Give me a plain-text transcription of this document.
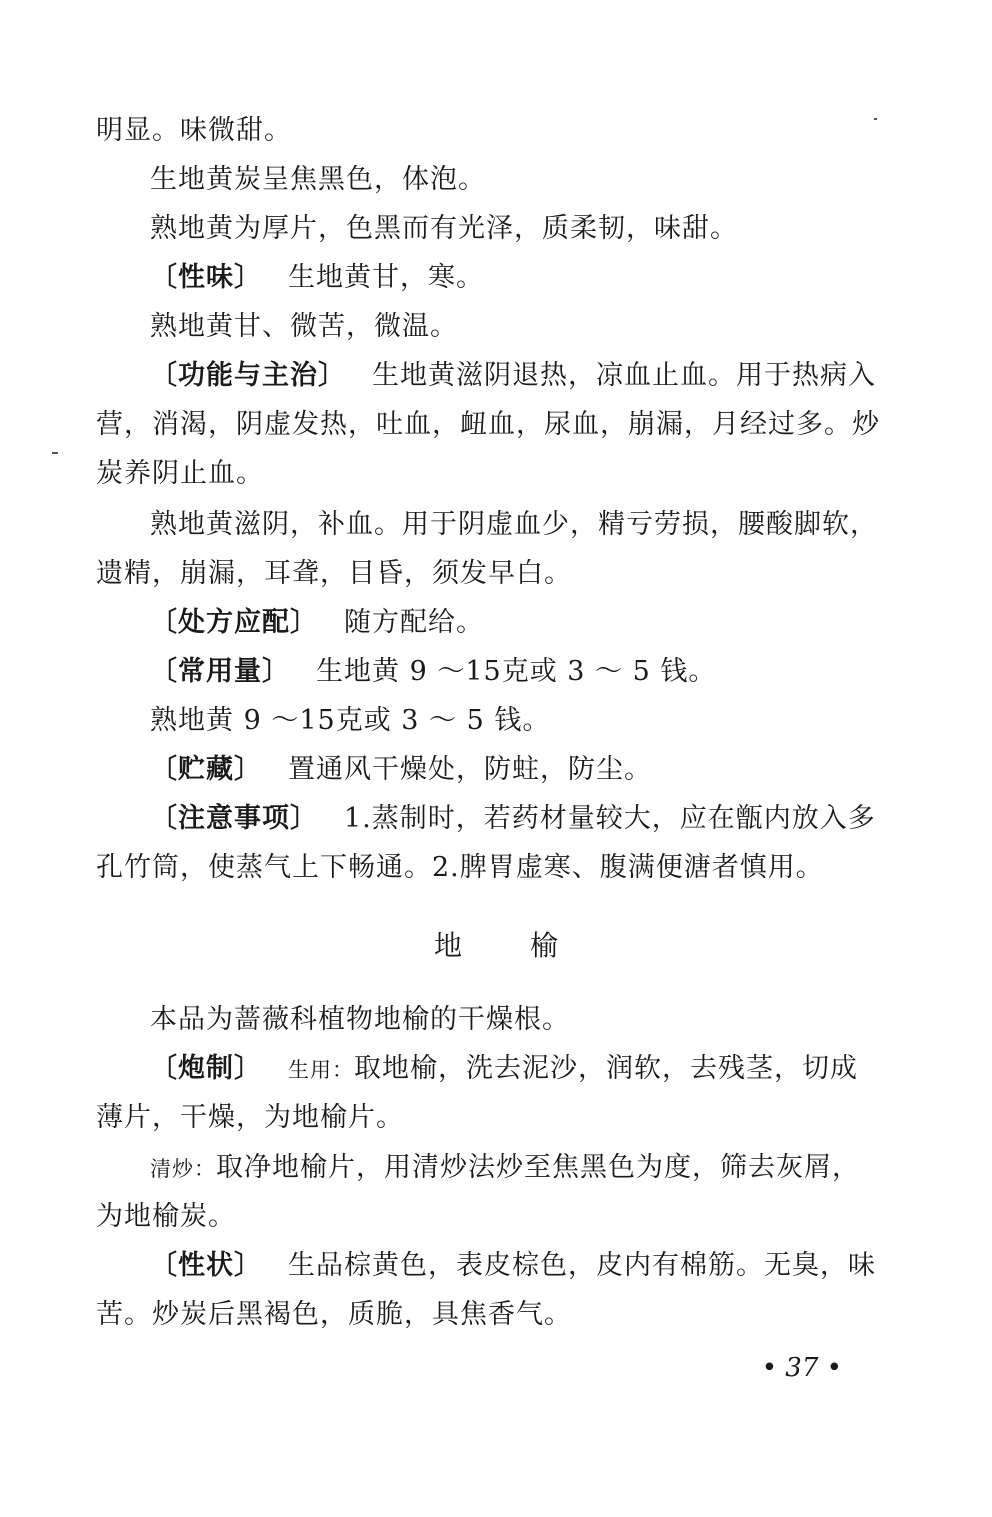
明显。味微甜。
生地黄炭呈焦黑色，体泡。
熟地黄为厚片，色黑而有光泽，质柔韧，味甜。
〔性味〕 生地黄甘，寒。
熟地黄甘、微苦，微温。
〔功能与主治〕 生地黄滋阴退热，凉血止血。用于热病入
营，消渴，阴虚发热，吐血，衄血，尿血，崩漏，月经过多。炒
炭养阴止血。
熟地黄滋阴，补血。用于阴虚血少，精亏劳损，腰酸脚软，
遗精，崩漏，耳聋，目昏，须发早白。
〔处方应配〕 随方配给。
〔常用量〕 生地黄 9 ～15克或 3 ～ 5 钱。
熟地黄 9 ～15克或 3 ～ 5 钱。
〔贮藏〕 置通风干燥处，防蛀，防尘。
〔注意事项〕 1.蒸制时，若药材量较大，应在甑内放入多
孔竹筒，使蒸气上下畅通。2.脾胃虚寒、腹满便溏者慎用。
地 榆
本品为蔷薇科植物地榆的干燥根。
〔炮制〕 生用：取地榆，洗去泥沙，润软，去残茎，切成
薄片，干燥，为地榆片。
清炒：取净地榆片，用清炒法炒至焦黑色为度，筛去灰屑，
为地榆炭。
〔性状〕 生品棕黄色，表皮棕色，皮内有棉筋。无臭，味
苦。炒炭后黑褐色，质脆，具焦香气。
• 37 •
